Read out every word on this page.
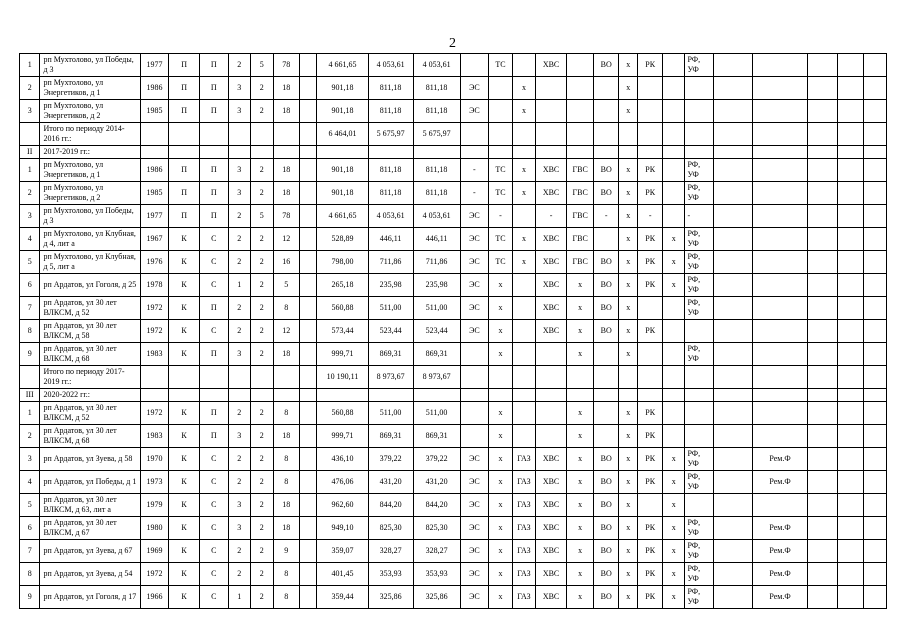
2
1	рп Мухтолово, ул Победы, д 3	1977	П	П	2	5	78		4 661,65	4 053,61	4 053,61		ТС		ХВС		ВО	х	РК		РФ, УФ					
2	рп Мухтолово, ул Энергетиков, д 1	1986	П	П	3	2	18		901,18	811,18	811,18	ЭС		х				х								
3	рп Мухтолово, ул Энергетиков, д 2	1985	П	П	3	2	18		901,18	811,18	811,18	ЭС		х				х								
	Итого по периоду 2014-2016 гг.:								6 464,01	5 675,97	5 675,97															
II	2017-2019 гг.:																									
1	рп Мухтолово, ул Энергетиков, д 1	1986	П	П	3	2	18		901,18	811,18	811,18	-	ТС	х	ХВС	ГВС	ВО	х	РК		РФ, УФ					
2	рп Мухтолово, ул Энергетиков, д 2	1985	П	П	3	2	18		901,18	811,18	811,18	-	ТС	х	ХВС	ГВС	ВО	х	РК		РФ, УФ					
3	рп Мухтолово, ул Победы, д 3	1977	П	П	2	5	78		4 661,65	4 053,61	4 053,61	ЭС	-		-	ГВС	-	х	-		-					
4	рп Мухтолово, ул Клубная, д 4, лит а	1967	К	С	2	2	12		528,89	446,11	446,11	ЭС	ТС	х	ХВС	ГВС		х	РК	х	РФ, УФ					
5	рп Мухтолово, ул Клубная, д 5, лит а	1976	К	С	2	2	16		798,00	711,86	711,86	ЭС	ТС	х	ХВС	ГВС	ВО	х	РК	х	РФ, УФ					
6	рп Ардатов, ул Гоголя, д 25	1978	К	С	1	2	5		265,18	235,98	235,98	ЭС	х		ХВС	х	ВО	х	РК	х	РФ, УФ					
7	рп Ардатов, ул 30 лет ВЛКСМ, д 52	1972	К	П	2	2	8		560,88	511,00	511,00	ЭС	х		ХВС	х	ВО	х			РФ, УФ					
8	рп Ардатов, ул 30 лет ВЛКСМ, д 58	1972	К	С	2	2	12		573,44	523,44	523,44	ЭС	х		ХВС	х	ВО	х	РК							
9	рп Ардатов, ул 30 лет ВЛКСМ, д 68	1983	К	П	3	2	18		999,71	869,31	869,31		х			х		х			РФ, УФ					
	Итого по периоду 2017-2019 гг.:								10 190,11	8 973,67	8 973,67															
III	2020-2022 гг.:																									
1	рп Ардатов, ул 30 лет ВЛКСМ, д 52	1972	К	П	2	2	8		560,88	511,00	511,00		х			х		х	РК							
2	рп Ардатов, ул 30 лет ВЛКСМ, д 68	1983	К	П	3	2	18		999,71	869,31	869,31		х			х		х	РК							
3	рп Ардатов, ул Зуева, д 58	1970	К	С	2	2	8		436,10	379,22	379,22	ЭС	х	ГАЗ	ХВС	х	ВО	х	РК	х	РФ, УФ		Рем.Ф			
4	рп Ардатов, ул Победы, д 1	1973	К	С	2	2	8		476,06	431,20	431,20	ЭС	х	ГАЗ	ХВС	х	ВО	х	РК	х	РФ, УФ		Рем.Ф			
5	рп Ардатов, ул 30 лет ВЛКСМ, д 63, лит а	1979	К	С	3	2	18		962,60	844,20	844,20	ЭС	х	ГАЗ	ХВС	х	ВО	х		х						
6	рп Ардатов, ул 30 лет ВЛКСМ, д 67	1980	К	С	3	2	18		949,10	825,30	825,30	ЭС	х	ГАЗ	ХВС	х	ВО	х	РК	х	РФ, УФ		Рем.Ф			
7	рп Ардатов, ул Зуева, д 67	1969	К	С	2	2	9		359,07	328,27	328,27	ЭС	х	ГАЗ	ХВС	х	ВО	х	РК	х	РФ, УФ		Рем.Ф			
8	рп Ардатов, ул Зуева, д 54	1972	К	С	2	2	8		401,45	353,93	353,93	ЭС	х	ГАЗ	ХВС	х	ВО	х	РК	х	РФ, УФ		Рем.Ф			
9	рп Ардатов, ул Гоголя, д 17	1966	К	С	1	2	8		359,44	325,86	325,86	ЭС	х	ГАЗ	ХВС	х	ВО	х	РК	х	РФ, УФ		Рем.Ф			
